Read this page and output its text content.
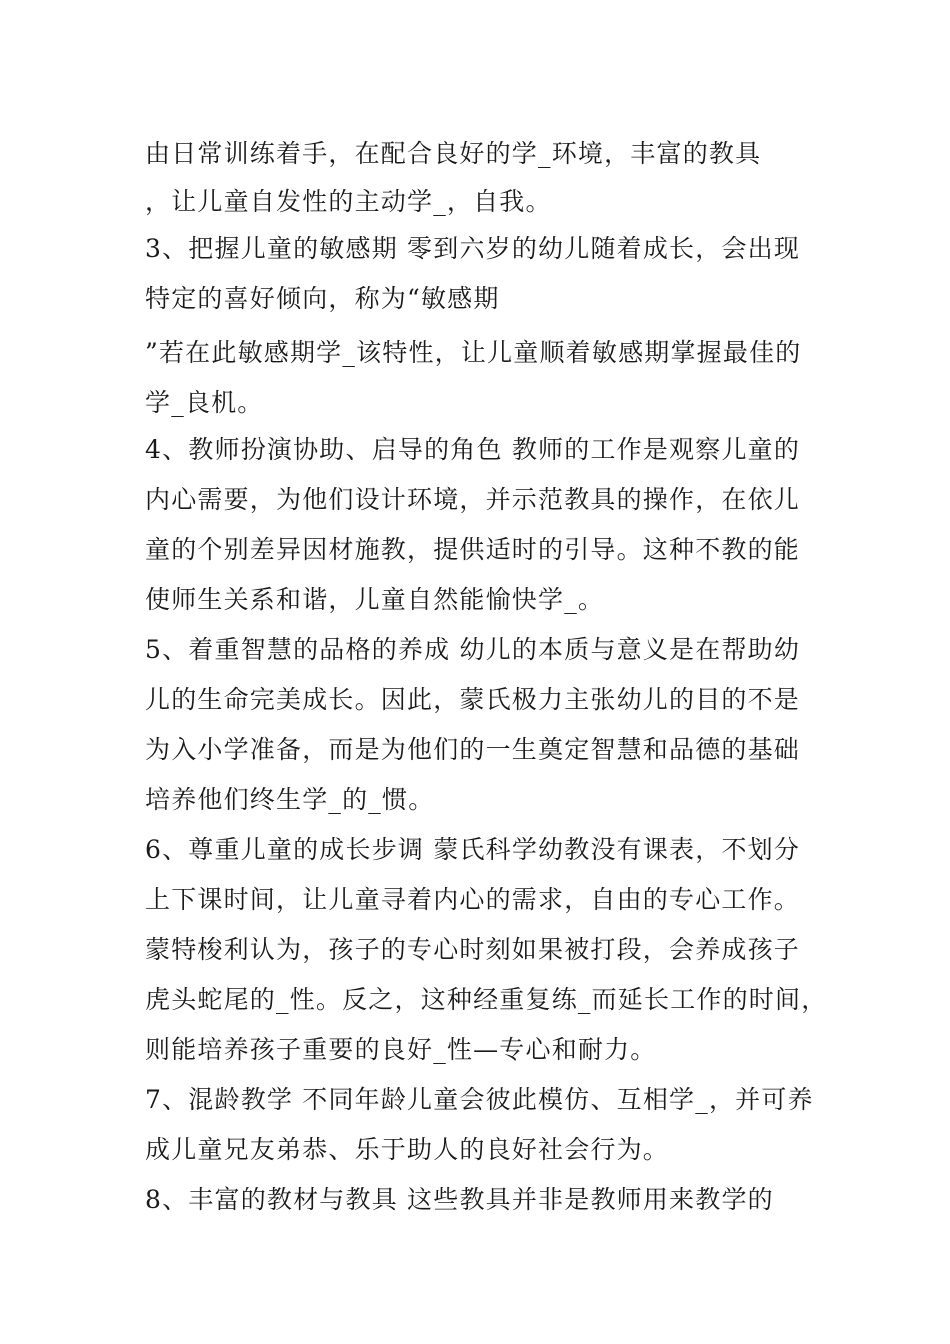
由日常训练着手，在配合良好的学_环境，丰富的教具

，让儿童自发性的主动学_，自我。

3、把握儿童的敏感期 零到六岁的幼儿随着成长，会出现

特定的喜好倾向，称为“敏感期

”若在此敏感期学_该特性，让儿童顺着敏感期掌握最佳的

学_良机。

4、教师扮演协助、启导的角色 教师的工作是观察儿童的

内心需要，为他们设计环境，并示范教具的操作，在依儿

童的个别差异因材施教，提供适时的引导。这种不教的能

使师生关系和谐，儿童自然能愉快学_。

5、着重智慧的品格的养成 幼儿的本质与意义是在帮助幼

儿的生命完美成长。因此，蒙氏极力主张幼儿的目的不是

为入小学准备，而是为他们的一生奠定智慧和品德的基础

培养他们终生学_的_惯。

6、尊重儿童的成长步调 蒙氏科学幼教没有课表，不划分

上下课时间，让儿童寻着内心的需求，自由的专心工作。

蒙特梭利认为，孩子的专心时刻如果被打段，会养成孩子

虎头蛇尾的_性。反之，这种经重复练_而延长工作的时间，

则能培养孩子重要的良好_性—专心和耐力。

7、混龄教学 不同年龄儿童会彼此模仿、互相学_，并可养

成儿童兄友弟恭、乐于助人的良好社会行为。

8、丰富的教材与教具 这些教具并非是教师用来教学的
